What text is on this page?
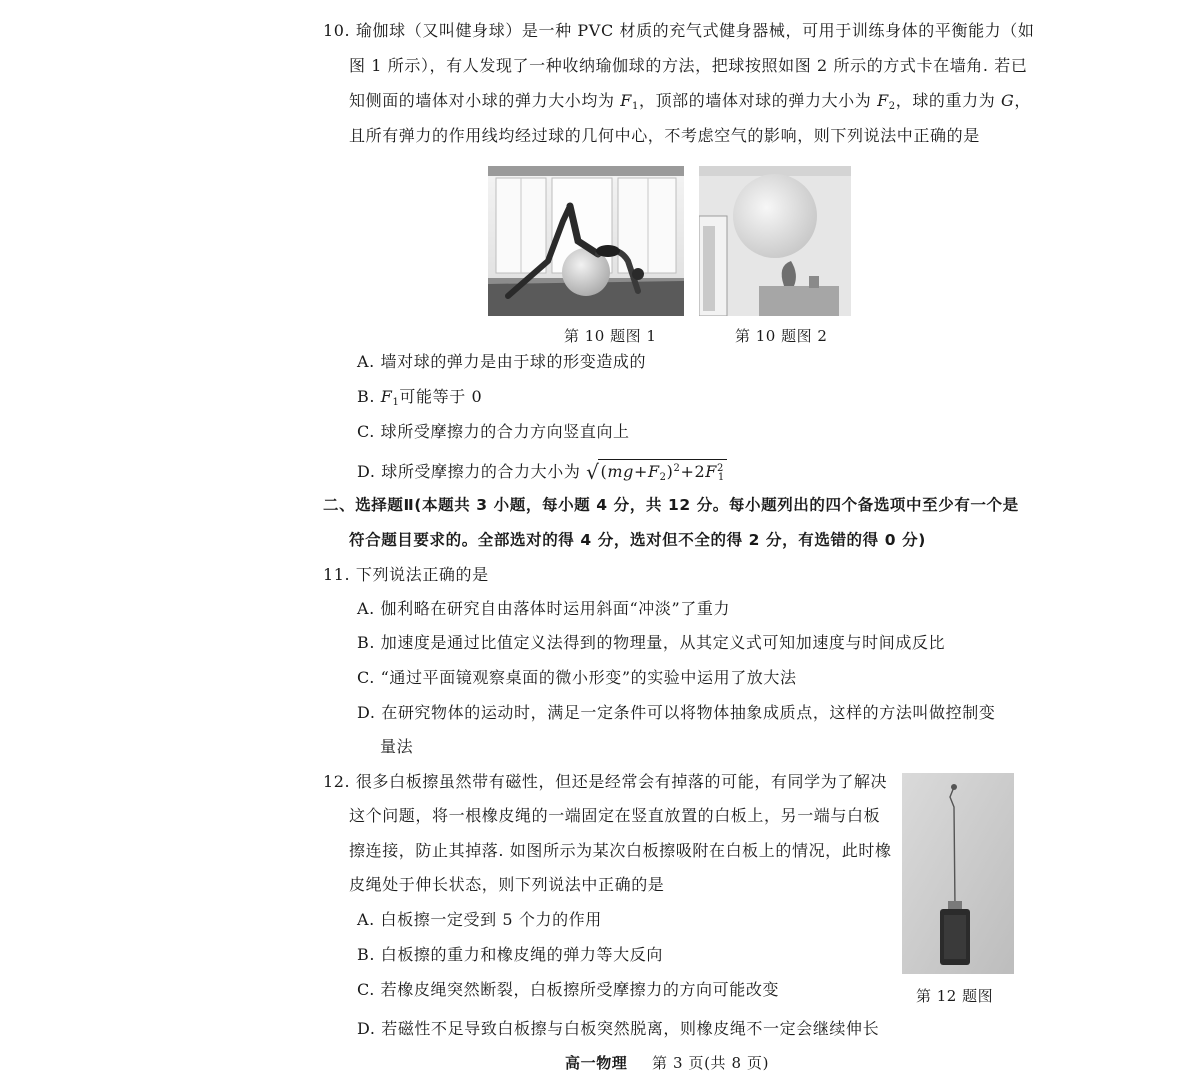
10. 瑜伽球（又叫健身球）是一种 PVC 材质的充气式健身器械，可用于训练身体的平衡能力（如
图 1 所示），有人发现了一种收纳瑜伽球的方法，把球按照如图 2 所示的方式卡在墙角. 若已
知侧面的墙体对小球的弹力大小均为 $F_1$，顶部的墙体对球的弹力大小为 $F_2$，球的重力为 G，
且所有弹力的作用线均经过球的几何中心，不考虑空气的影响，则下列说法中正确的是
第 10 题图 1	第 10 题图 2
A. 墙对球的弹力是由于球的形变造成的
B. $F_1$可能等于 0
C. 球所受摩擦力的合力方向竖直向上
D. 球所受摩擦力的合力大小为 $√(mg+F_2)^2+2F^2_1$
二、选择题Ⅱ(本题共 3 小题，每小题 4 分，共 12 分。每小题列出的四个备选项中至少有一个是
符合题目要求的。全部选对的得 4 分，选对但不全的得 2 分，有选错的得 0 分)
11. 下列说法正确的是
A. 伽利略在研究自由落体时运用斜面“冲淡”了重力
B. 加速度是通过比值定义法得到的物理量，从其定义式可知加速度与时间成反比
C. “通过平面镜观察桌面的微小形变”的实验中运用了放大法
D. 在研究物体的运动时，满足一定条件可以将物体抽象成质点，这样的方法叫做控制变
量法
12. 很多白板擦虽然带有磁性，但还是经常会有掉落的可能，有同学为了解决
这个问题，将一根橡皮绳的一端固定在竖直放置的白板上，另一端与白板
擦连接，防止其掉落. 如图所示为某次白板擦吸附在白板上的情况，此时橡
皮绳处于伸长状态，则下列说法中正确的是
A. 白板擦一定受到 5 个力的作用
B. 白板擦的重力和橡皮绳的弹力等大反向
C. 若橡皮绳突然断裂，白板擦所受摩擦力的方向可能改变
D. 若磁性不足导致白板擦与白板突然脱离，则橡皮绳不一定会继续伸长
第 12 题图
高一物理 第 3 页(共 8 页)
